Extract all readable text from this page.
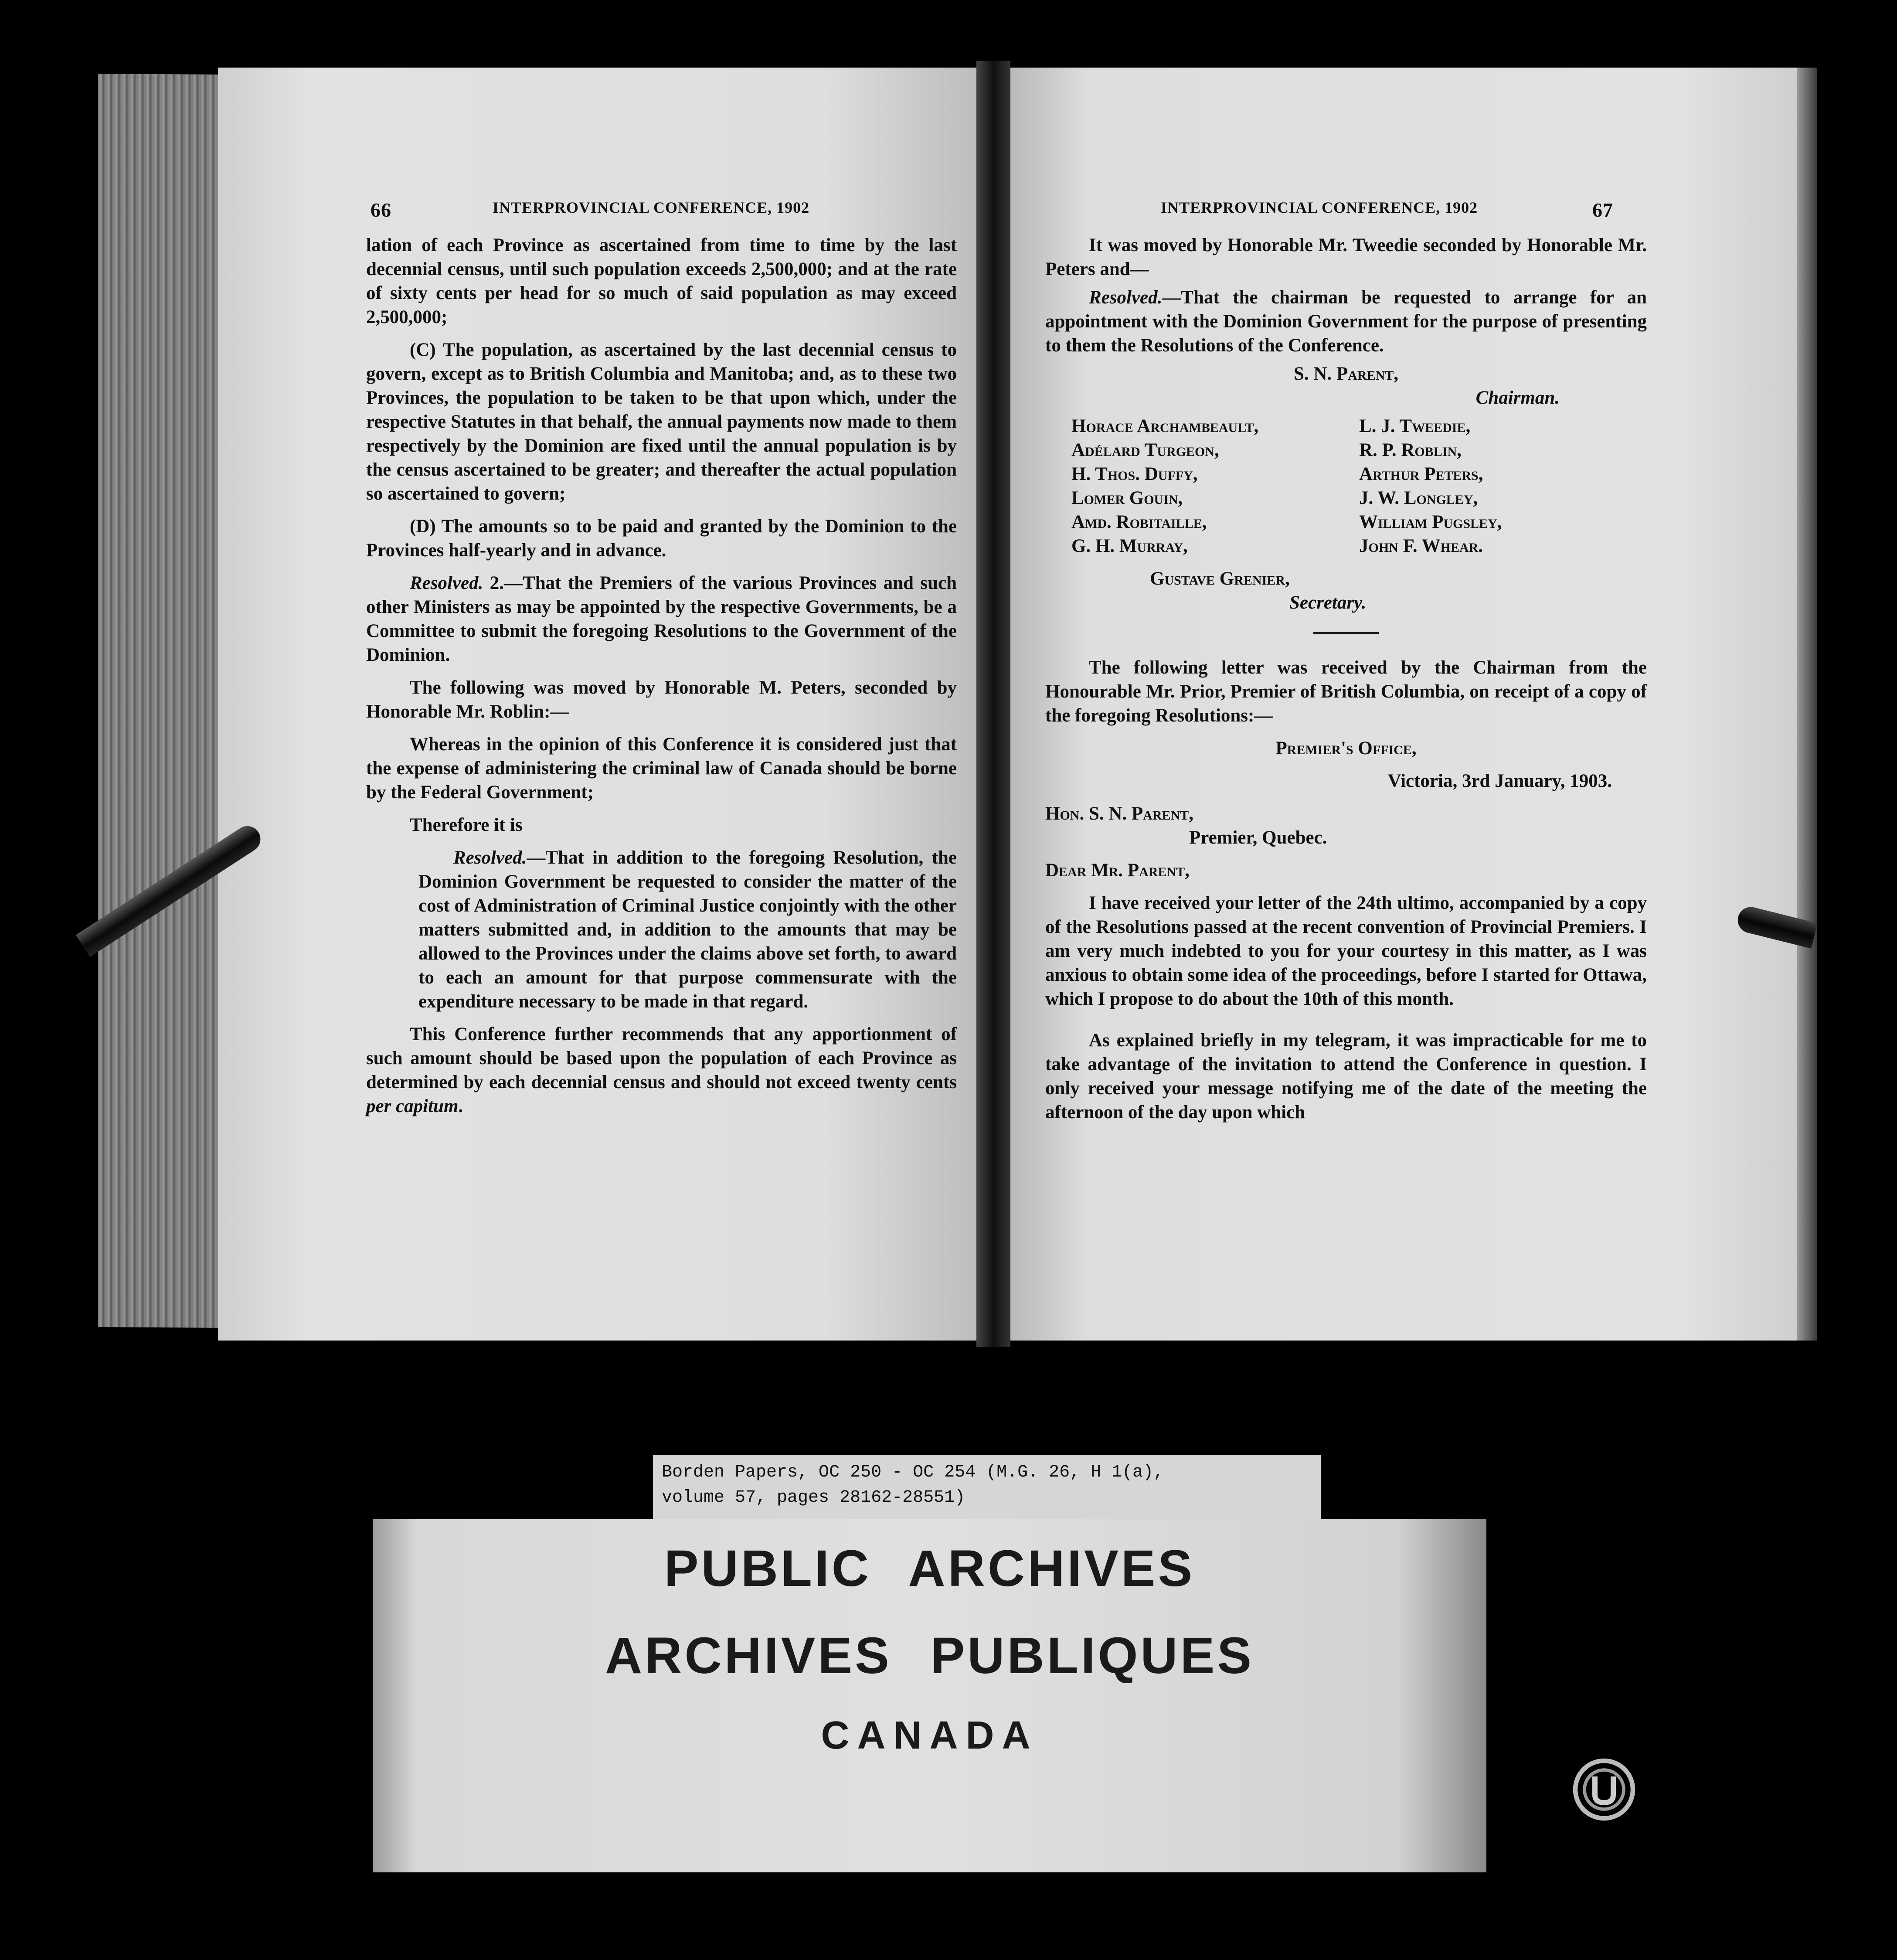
66	INTERPROVINCIAL CONFERENCE, 1902

lation of each Province as ascertained from time to time by the last decennial census, until such population exceeds 2,500,000; and at the rate of sixty cents per head for so much of said population as may exceed 2,500,000;

(C) The population, as ascertained by the last decennial census to govern, except as to British Columbia and Manitoba; and, as to these two Provinces, the population to be taken to be that upon which, under the respective Statutes in that behalf, the annual payments now made to them respectively by the Dominion are fixed until the annual population is by the census ascertained to be greater; and thereafter the actual population so ascertained to govern;

(D) The amounts so to be paid and granted by the Dominion to the Provinces half-yearly and in advance.

Resolved. 2.—That the Premiers of the various Provinces and such other Ministers as may be appointed by the respective Governments, be a Committee to submit the foregoing Resolutions to the Government of the Dominion.

The following was moved by Honorable M. Peters, seconded by Honorable Mr. Roblin:—

Whereas in the opinion of this Conference it is considered just that the expense of administering the criminal law of Canada should be borne by the Federal Government;

Therefore it is

Resolved.—That in addition to the foregoing Resolution, the Dominion Government be requested to consider the matter of the cost of Administration of Criminal Justice conjointly with the other matters submitted and, in addition to the amounts that may be allowed to the Provinces under the claims above set forth, to award to each an amount for that purpose commensurate with the expenditure necessary to be made in that regard.

This Conference further recommends that any apportionment of such amount should be based upon the population of each Province as determined by each decennial census and should not exceed twenty cents per capitum.

INTERPROVINCIAL CONFERENCE, 1902	67

It was moved by Honorable Mr. Tweedie seconded by Honorable Mr. Peters and—

Resolved.—That the chairman be requested to arrange for an appointment with the Dominion Government for the purpose of presenting to them the Resolutions of the Conference.

S. N. Parent,

Chairman.

Horace Archambeault,
Adélard Turgeon,
H. Thos. Duffy,
Lomer Gouin,
Amd. Robitaille,
G. H. Murray,
L. J. Tweedie,
R. P. Roblin,
Arthur Peters,
J. W. Longley,
William Pugsley,
John F. Whear.

Gustave Grenier,

Secretary.

The following letter was received by the Chairman from the Honourable Mr. Prior, Premier of British Columbia, on receipt of a copy of the foregoing Resolutions:—

Premier's Office,

Victoria, 3rd January, 1903.

Hon. S. N. Parent,

Premier, Quebec.

Dear Mr. Parent,

I have received your letter of the 24th ultimo, accompanied by a copy of the Resolutions passed at the recent convention of Provincial Premiers. I am very much indebted to you for your courtesy in this matter, as I was anxious to obtain some idea of the proceedings, before I started for Ottawa, which I propose to do about the 10th of this month.

As explained briefly in my telegram, it was impracticable for me to take advantage of the invitation to attend the Conference in question. I only received your message notifying me of the date of the meeting the afternoon of the day upon which

Borden Papers, OC 250 - OC 254 (M.G. 26, H 1(a),
volume 57, pages 28162-28551)
PUBLIC ARCHIVES
ARCHIVES PUBLIQUES
CANADA
